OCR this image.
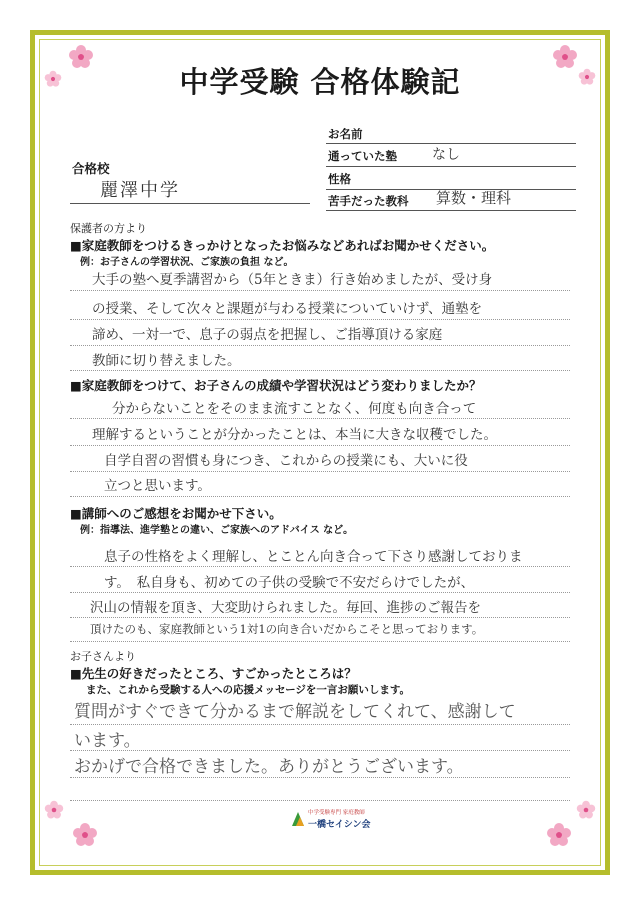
中学受験 合格体験記
お名前
通っていた塾	なし
性格
苦手だった教科 算数・理科
合格校
麗澤中学
保護者の方より
■家庭教師をつけるきっかけとなったお悩みなどあればお聞かせください。
例：お子さんの学習状況、ご家族の負担 など。
大手の塾へ夏季講習から（5年ときま）行き始めましたが、受け身
の授業、そして次々と課題が与わる授業についていけず、通塾を
諦め、一対一で、息子の弱点を把握し、ご指導頂ける家庭
教師に切り替えました。
■家庭教師をつけて、お子さんの成績や学習状況はどう変わりましたか？
分からないことをそのまま流すことなく、何度も向き合って
理解するということが分かったことは、本当に大きな収穫でした。
自学自習の習慣も身につき、これからの授業にも、大いに役
立つと思います。
■講師へのご感想をお聞かせ下さい。
例：指導法、進学塾との違い、ご家族へのアドバイス など。
息子の性格をよく理解し、とことん向き合って下さり感謝しておりま
す。　私自身も、初めての子供の受験で不安だらけでしたが、
沢山の情報を頂き、大変助けられました。毎回、進捗のご報告を
頂けたのも、家庭教師という1対1の向き合いだからこそと思っております。
お子さんより
■先生の好きだったところ、すごかったところは？
また、これから受験する人への応援メッセージを一言お願いします。
質問がすぐできて分かるまで解説をしてくれて、感謝して
います。
おかげで合格できました。ありがとうございます。
中学受験専門 家庭教師
一橋セイシン会
